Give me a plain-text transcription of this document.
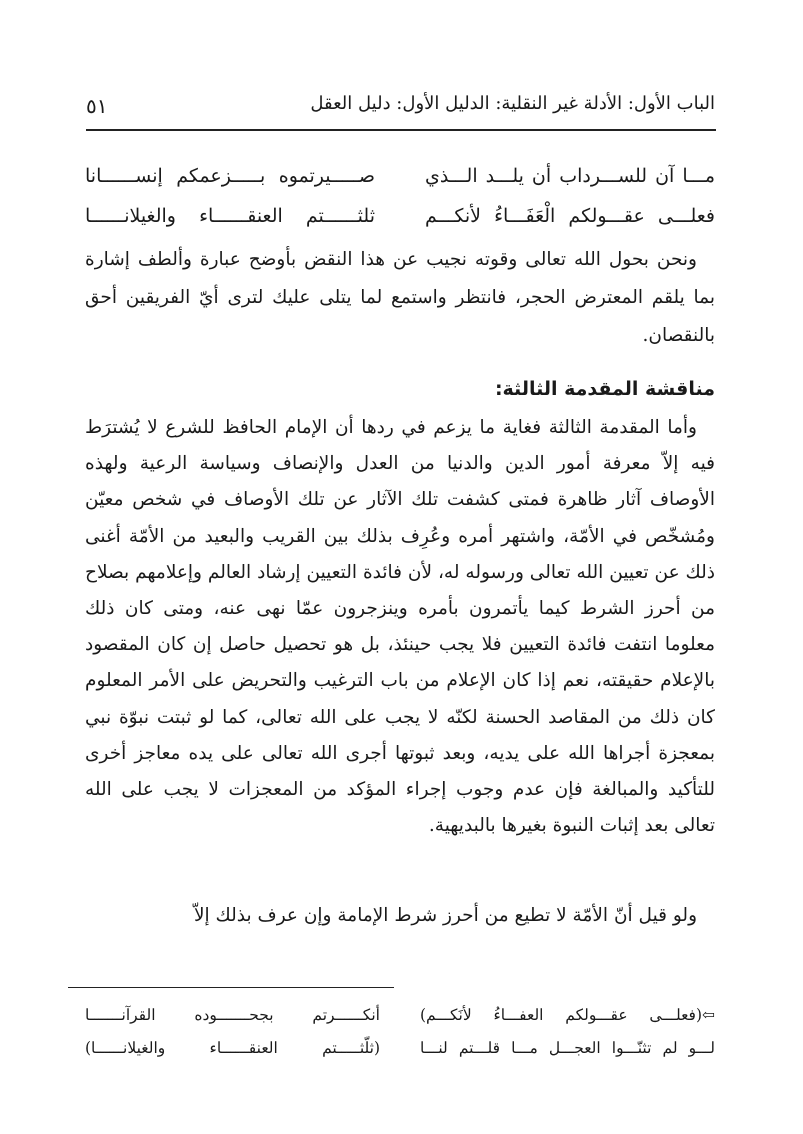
الباب الأول: الأدلة غير النقلية: الدليل الأول: دليل العقل
٥١
مـــا آن للســـرداب أن يلـــد الـــذي
صـــــيرتموه بـــــزعمكم إنســــــانا
فعلـــى عقـــولكم الْعَفَـــاءُ لأنكـــم
ثلثــــــتم العنقــــــاء والغيلانــــــا

ونحن بحول الله تعالى وقوته نجيب عن هذا النقض بأوضح عبارة وألطف إشارة بما يلقم المعترض الحجر، فانتظر واستمع لما يتلى عليك لترى أيّ الفريقين أحق بالنقصان.

مناقشة المقدمة الثالثة:

وأما المقدمة الثالثة فغاية ما يزعم في ردها أن الإمام الحافظ للشرع لا يُشترَط فيه إلاّ معرفة أمور الدين والدنيا من العدل والإنصاف وسياسة الرعية ولهذه الأوصاف آثار ظاهرة فمتى كشفت تلك الآثار عن تلك الأوصاف في شخص معيّن ومُشخّص في الأمّة، واشتهر أمره وعُرِف بذلك بين القريب والبعيد من الأمّة أغنى ذلك عن تعيين الله تعالى ورسوله له، لأن فائدة التعيين إرشاد العالم وإعلامهم بصلاح من أحرز الشرط كيما يأتمرون بأمره وينزجرون عمّا نهى عنه، ومتى كان ذلك معلوما انتفت فائدة التعيين فلا يجب حينئذ، بل هو تحصيل حاصل إن كان المقصود بالإعلام حقيقته، نعم إذا كان الإعلام من باب الترغيب والتحريض على الأمر المعلوم كان ذلك من المقاصد الحسنة لكنّه لا يجب على الله تعالى، كما لو ثبتت نبوّة نبي بمعجزة أجراها الله على يديه، وبعد ثبوتها أجرى الله تعالى على يده معاجز أخرى للتأكيد والمبالغة فإن عدم وجوب إجراء المؤكد من المعجزات لا يجب على الله تعالى بعد إثبات النبوة بغيرها بالبديهية.

ولو قيل أنّ الأمّة لا تطيع من أحرز شرط الإمامة وإن عرف بذلك إلاّ

⇦(فعلـــى عقـــولكم العفـــاءُ لأنَكـــم)
أنكــــــرتم بجحـــــــوده القرآنـــــــا
لـــو لم تثنّـــوا العجـــل مـــا قلـــتم لنـــا
(ثلّثـــــتم العنقــــــاء والغيلانــــــا)
